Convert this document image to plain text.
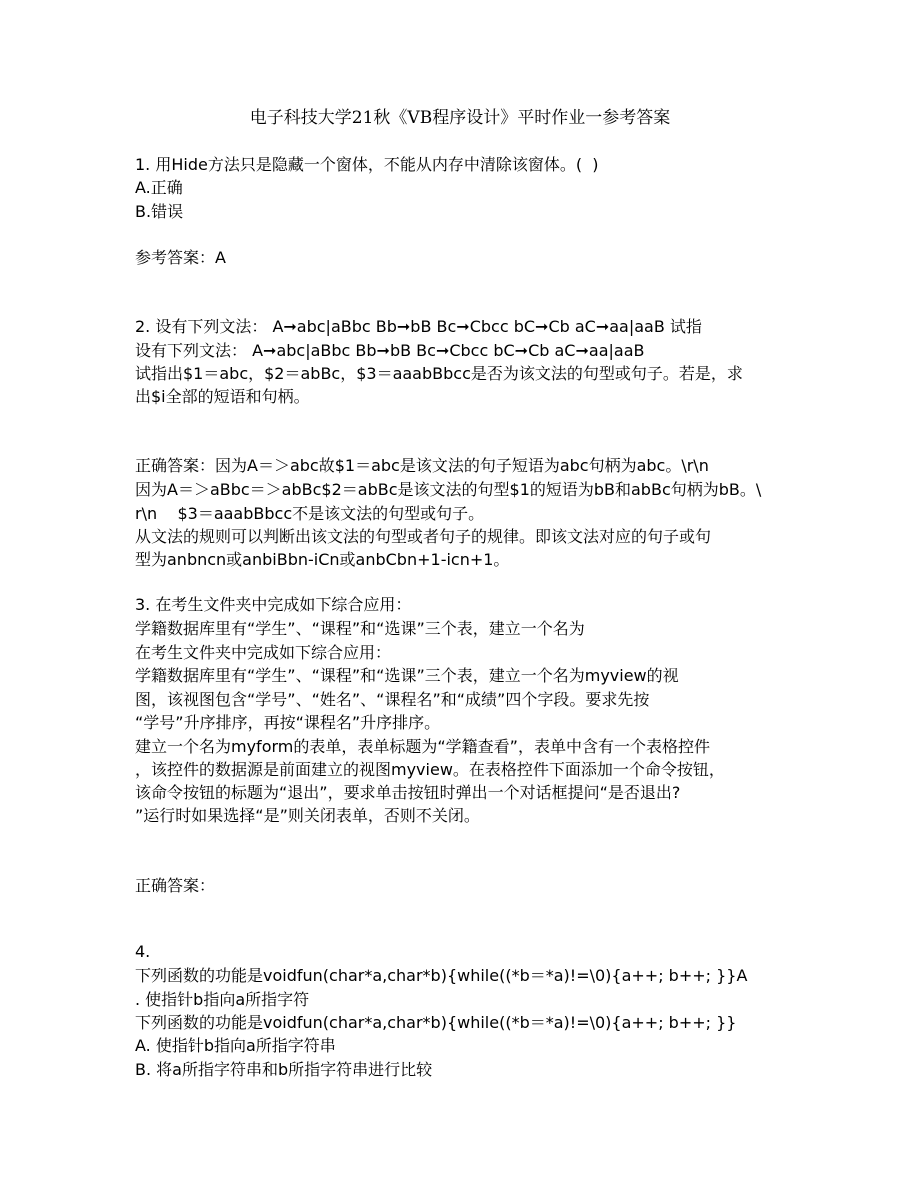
电子科技大学21秋《VB程序设计》平时作业一参考答案
1. 用Hide方法只是隐藏一个窗体，不能从内存中清除该窗体。(  )
A.正确
B.错误
参考答案：A
2. 设有下列文法： A➞abc|aBbc Bb➞bB Bc➞Cbcc bC➞Cb aC➞aa|aaB 试指
设有下列文法： A➞abc|aBbc Bb➞bB Bc➞Cbcc bC➞Cb aC➞aa|aaB
试指出$1＝abc，$2＝abBc，$3＝aaabBbcc是否为该文法的句型或句子。若是，求
出$i全部的短语和句柄。
正确答案：因为A＝＞abc故$1＝abc是该文法的句子短语为abc句柄为abc。\r\n
因为A＝＞aBbc＝＞abBc$2＝abBc是该文法的句型$1的短语为bB和abBc句柄为bB。\
r\n    $3＝aaabBbcc不是该文法的句型或句子。
从文法的规则可以判断出该文法的句型或者句子的规律。即该文法对应的句子或句
型为anbncn或anbiBbn-iCn或anbCbn+1-icn+1。
3. 在考生文件夹中完成如下综合应用：
学籍数据库里有“学生”、“课程”和“选课”三个表，建立一个名为
在考生文件夹中完成如下综合应用：
学籍数据库里有“学生”、“课程”和“选课”三个表，建立一个名为myview的视
图，该视图包含“学号”、“姓名”、“课程名”和“成绩”四个字段。要求先按
“学号”升序排序，再按“课程名”升序排序。
建立一个名为myform的表单，表单标题为“学籍查看”，表单中含有一个表格控件
，该控件的数据源是前面建立的视图myview。在表格控件下面添加一个命令按钮，
该命令按钮的标题为“退出”，要求单击按钮时弹出一个对话框提问“是否退出?
”运行时如果选择“是”则关闭表单，否则不关闭。
正确答案：
4.
下列函数的功能是voidfun(char*a,char*b){while((*b＝*a)!=\0){a++; b++; }}A
. 使指针b指向a所指字符
下列函数的功能是voidfun(char*a,char*b){while((*b＝*a)!=\0){a++; b++; }}
A. 使指针b指向a所指字符串
B. 将a所指字符串和b所指字符串进行比较
